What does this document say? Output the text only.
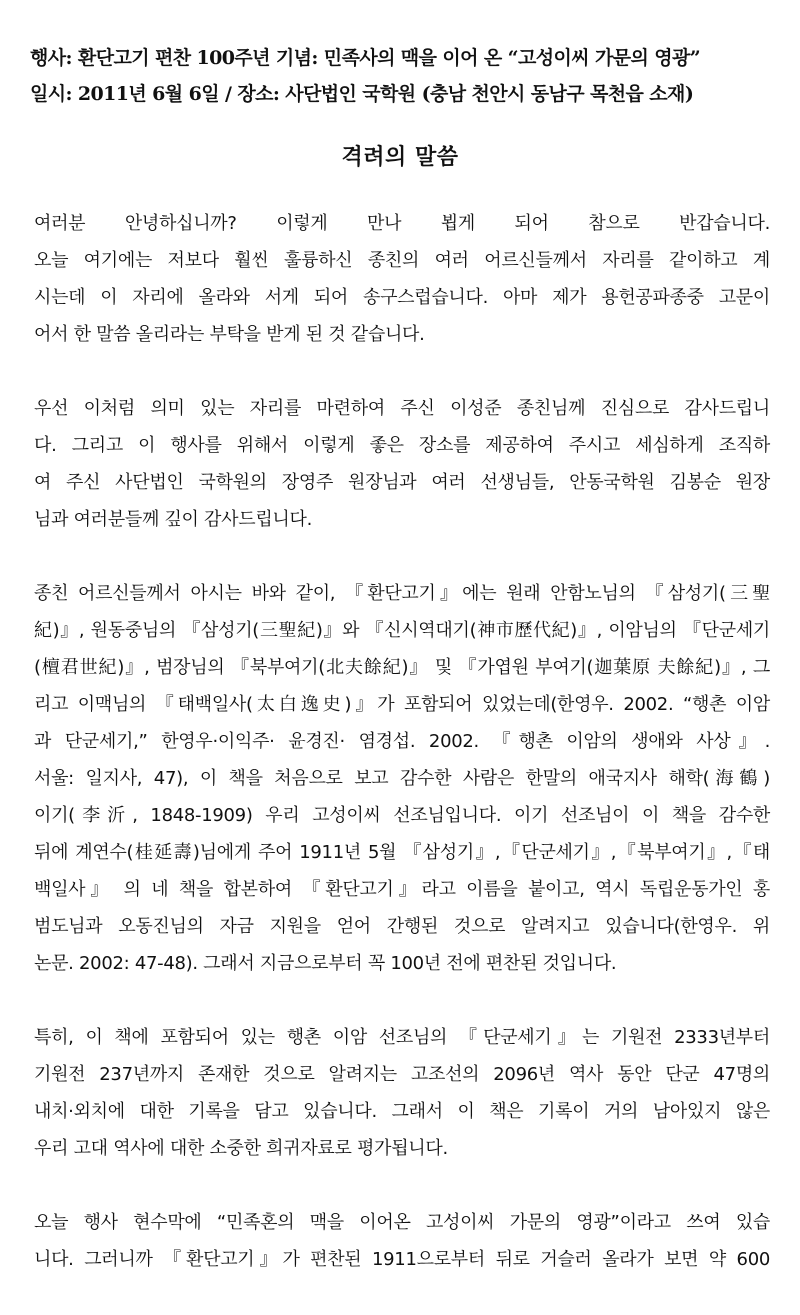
행사: 환단고기 편찬 100주년 기념: 민족사의 맥을 이어 온 “고성이씨 가문의 영광”
일시: 2011년 6월 6일 / 장소: 사단법인 국학원 (충남 천안시 동남구 목천읍 소재)
격려의 말씀
여러분 안녕하십니까? 이렇게 만나 뵙게 되어 참으로 반갑습니다.
오늘 여기에는 저보다 훨씬 훌륭하신 종친의 여러 어르신들께서 자리를 같이하고 계
시는데 이 자리에 올라와 서게 되어 송구스럽습니다. 아마 제가 용헌공파종중 고문이
어서 한 말씀 올리라는 부탁을 받게 된 것 같습니다.
우선 이처럼 의미 있는 자리를 마련하여 주신 이성준 종친님께 진심으로 감사드립니
다. 그리고 이 행사를 위해서 이렇게 좋은 장소를 제공하여 주시고 세심하게 조직하
여 주신 사단법인 국학원의 장영주 원장님과 여러 선생님들, 안동국학원 김봉순 원장
님과 여러분들께 깊이 감사드립니다.
종친 어르신들께서 아시는 바와 같이, 『환단고기』에는 원래 안함노님의 『삼성기(三聖
紀)』, 원동중님의 『삼성기(三聖紀)』와 『신시역대기(神市歷代紀)』, 이암님의 『단군세기
(檀君世紀)』, 범장님의 『북부여기(北夫餘紀)』 및 『가엽원 부여기(迦葉原 夫餘紀)』, 그
리고 이맥님의 『태백일사(太白逸史)』가 포함되어 있었는데(한영우. 2002. “행촌 이암
과 단군세기,” 한영우·이익주· 윤경진· 염경섭. 2002. 『행촌 이암의 생애와 사상』.
서울: 일지사, 47), 이 책을 처음으로 보고 감수한 사람은 한말의 애국지사 해학(海鶴)
이기(李沂, 1848-1909) 우리 고성이씨 선조님입니다. 이기 선조님이 이 책을 감수한
뒤에 계연수(桂延壽)님에게 주어 1911년 5월 『삼성기』,『단군세기』,『북부여기』,『태
백일사』 의 네 책을 합본하여 『환단고기』라고 이름을 붙이고, 역시 독립운동가인 홍
범도님과 오동진님의 자금 지원을 얻어 간행된 것으로 알려지고 있습니다(한영우. 위
논문. 2002: 47-48). 그래서 지금으로부터 꼭 100년 전에 편찬된 것입니다.
특히, 이 책에 포함되어 있는 행촌 이암 선조님의 『단군세기』는 기원전 2333년부터
기원전 237년까지 존재한 것으로 알려지는 고조선의 2096년 역사 동안 단군 47명의
내치·외치에 대한 기록을 담고 있습니다. 그래서 이 책은 기록이 거의 남아있지 않은
우리 고대 역사에 대한 소중한 희귀자료로 평가됩니다.
오늘 행사 현수막에 “민족혼의 맥을 이어온 고성이씨 가문의 영광”이라고 쓰여 있습
니다. 그러니까 『환단고기』가 편찬된 1911으로부터 뒤로 거슬러 올라가 보면 약 600
